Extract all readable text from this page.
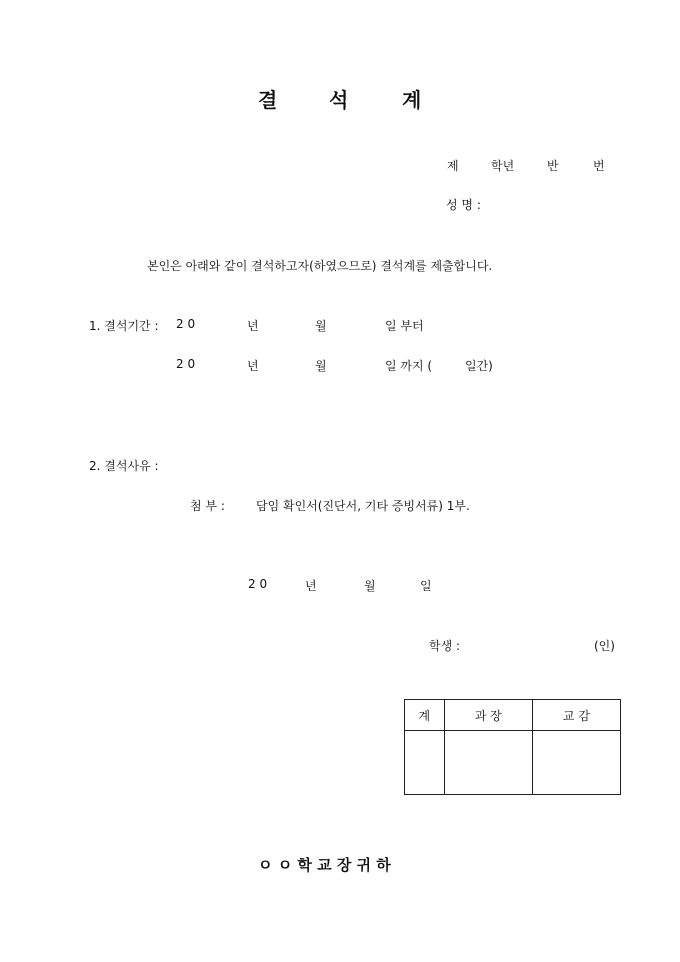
결	석	계
제	학년	반	번
성 명 :
본인은 아래와 같이 결석하고자(하였으므로) 결석계를 제출합니다.
1. 결석기간 : 2 0	년	월	일 부터
2 0	년	월	일 까지 (	일간)
2. 결석사유 :
첨 부 :	담임 확인서(진단서, 기타 증빙서류) 1부.
2 0	년	월	일
학생 :	(인)
계	과 장	교 감

ㅇ ㅇ 학 교 장 귀 하
